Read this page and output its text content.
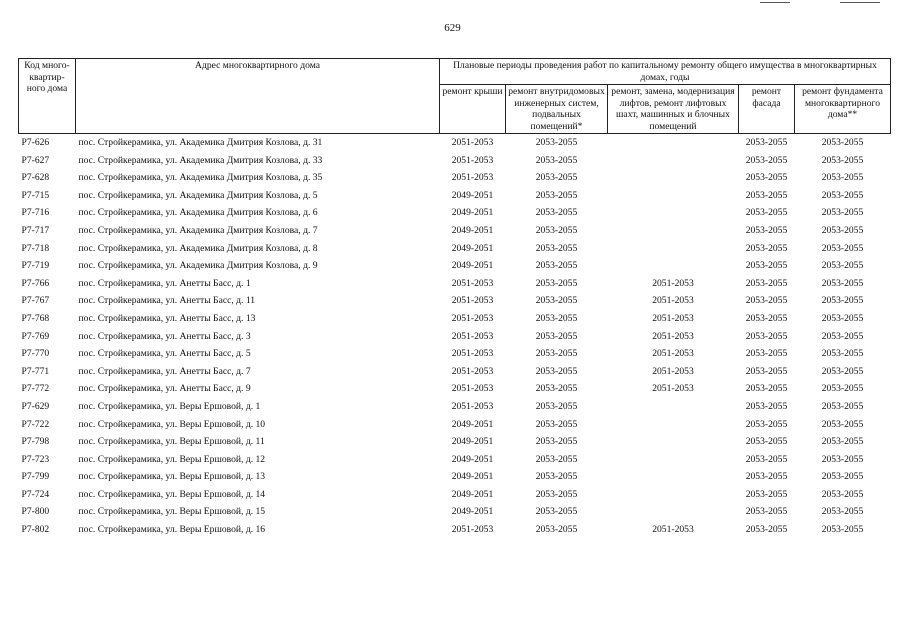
629
Код много-квартир-ного дома	Адрес многоквартирного дома	Плановые периоды проведения работ по капитальному ремонту общего имущества в многоквартирных домах, годы				
		ремонт крыши	ремонт внутридомовых инженерных систем, подвальных помещений*	ремонт, замена, модернизация лифтов, ремонт лифтовых шахт, машинных и блочных помещений	ремонт фасада	ремонт фундамента многоквартирного дома**
Р7-626	пос. Стройкерамика, ул. Академика Дмитрия Козлова, д. 31	2051-2053	2053-2055		2053-2055	2053-2055
Р7-627	пос. Стройкерамика, ул. Академика Дмитрия Козлова, д. 33	2051-2053	2053-2055		2053-2055	2053-2055
Р7-628	пос. Стройкерамика, ул. Академика Дмитрия Козлова, д. 35	2051-2053	2053-2055		2053-2055	2053-2055
Р7-715	пос. Стройкерамика, ул. Академика Дмитрия Козлова, д. 5	2049-2051	2053-2055		2053-2055	2053-2055
Р7-716	пос. Стройкерамика, ул. Академика Дмитрия Козлова, д. 6	2049-2051	2053-2055		2053-2055	2053-2055
Р7-717	пос. Стройкерамика, ул. Академика Дмитрия Козлова, д. 7	2049-2051	2053-2055		2053-2055	2053-2055
Р7-718	пос. Стройкерамика, ул. Академика Дмитрия Козлова, д. 8	2049-2051	2053-2055		2053-2055	2053-2055
Р7-719	пос. Стройкерамика, ул. Академика Дмитрия Козлова, д. 9	2049-2051	2053-2055		2053-2055	2053-2055
Р7-766	пос. Стройкерамика, ул. Анетты Басс, д. 1	2051-2053	2053-2055	2051-2053	2053-2055	2053-2055
Р7-767	пос. Стройкерамика, ул. Анетты Басс, д. 11	2051-2053	2053-2055	2051-2053	2053-2055	2053-2055
Р7-768	пос. Стройкерамика, ул. Анетты Басс, д. 13	2051-2053	2053-2055	2051-2053	2053-2055	2053-2055
Р7-769	пос. Стройкерамика, ул. Анетты Басс, д. 3	2051-2053	2053-2055	2051-2053	2053-2055	2053-2055
Р7-770	пос. Стройкерамика, ул. Анетты Басс, д. 5	2051-2053	2053-2055	2051-2053	2053-2055	2053-2055
Р7-771	пос. Стройкерамика, ул. Анетты Басс, д. 7	2051-2053	2053-2055	2051-2053	2053-2055	2053-2055
Р7-772	пос. Стройкерамика, ул. Анетты Басс, д. 9	2051-2053	2053-2055	2051-2053	2053-2055	2053-2055
Р7-629	пос. Стройкерамика, ул. Веры Ершовой, д. 1	2051-2053	2053-2055		2053-2055	2053-2055
Р7-722	пос. Стройкерамика, ул. Веры Ершовой, д. 10	2049-2051	2053-2055		2053-2055	2053-2055
Р7-798	пос. Стройкерамика, ул. Веры Ершовой, д. 11	2049-2051	2053-2055		2053-2055	2053-2055
Р7-723	пос. Стройкерамика, ул. Веры Ершовой, д. 12	2049-2051	2053-2055		2053-2055	2053-2055
Р7-799	пос. Стройкерамика, ул. Веры Ершовой, д. 13	2049-2051	2053-2055		2053-2055	2053-2055
Р7-724	пос. Стройкерамика, ул. Веры Ершовой, д. 14	2049-2051	2053-2055		2053-2055	2053-2055
Р7-800	пос. Стройкерамика, ул. Веры Ершовой, д. 15	2049-2051	2053-2055		2053-2055	2053-2055
Р7-802	пос. Стройкерамика, ул. Веры Ершовой, д. 16	2051-2053	2053-2055	2051-2053	2053-2055	2053-2055
